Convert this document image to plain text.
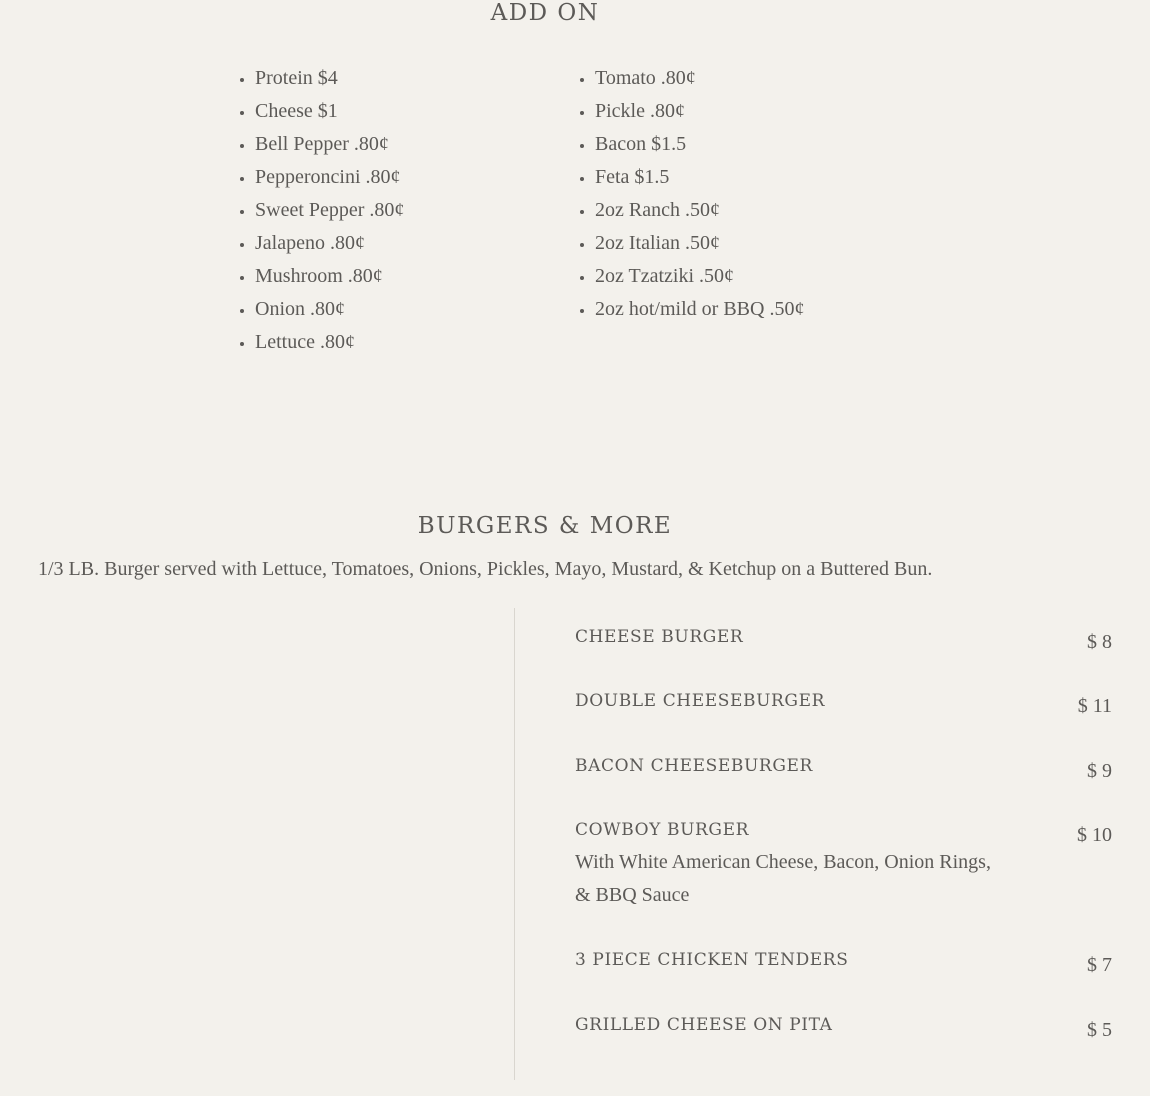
ADD ON
• Protein $4
• Cheese $1
• Bell Pepper .80¢
• Pepperoncini .80¢
• Sweet Pepper .80¢
• Jalapeno .80¢
• Mushroom .80¢
• Onion .80¢
• Lettuce .80¢
• Tomato .80¢
• Pickle .80¢
• Bacon $1.5
• Feta $1.5
• 2oz Ranch .50¢
• 2oz Italian .50¢
• 2oz Tzatziki .50¢
• 2oz hot/mild or BBQ .50¢
BURGERS & MORE

1/3 LB. Burger served with Lettuce, Tomatoes, Onions, Pickles, Mayo, Mustard, & Ketchup on a Buttered Bun.

CHEESE BURGER	$ 8
DOUBLE CHEESEBURGER	$ 11
BACON CHEESEBURGER	$ 9
COWBOY BURGER	$ 10
With White American Cheese, Bacon, Onion Rings, & BBQ Sauce
3 PIECE CHICKEN TENDERS	$ 7
GRILLED CHEESE ON PITA	$ 5
